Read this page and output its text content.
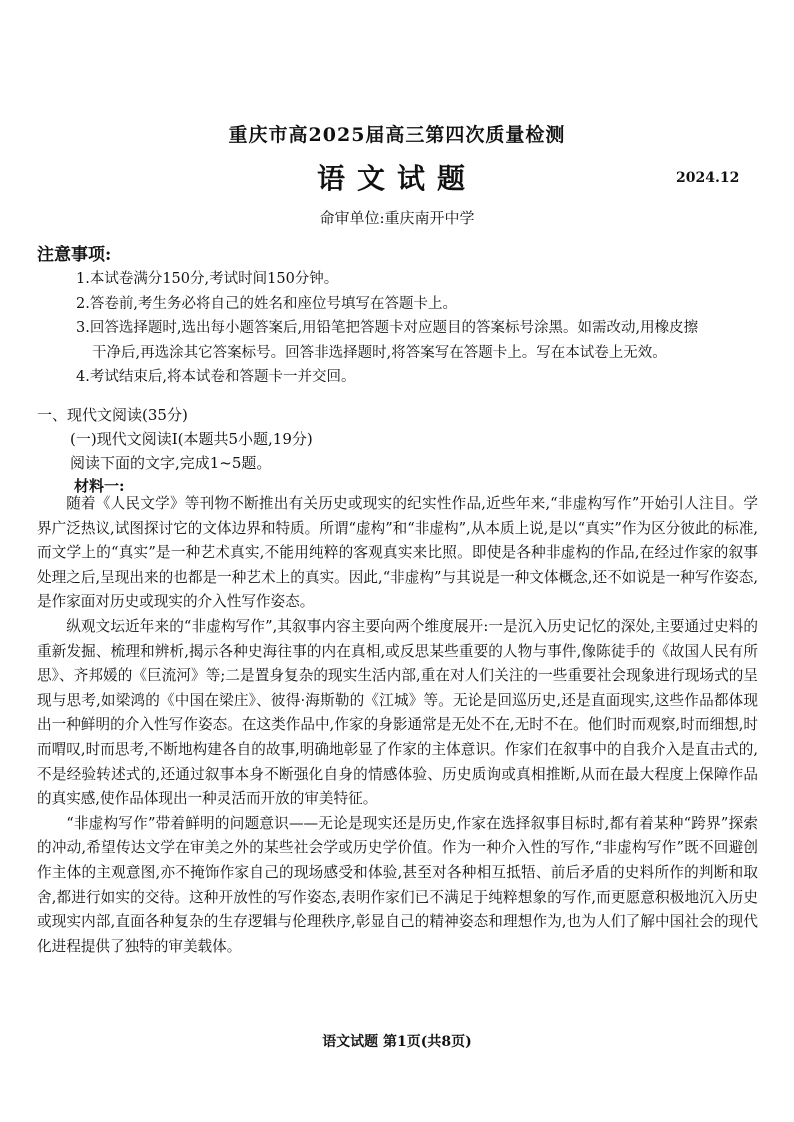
重庆市高2025届高三第四次质量检测
语文试题	2024.12
命审单位:重庆南开中学
注意事项:

1.本试卷满分150分,考试时间150分钟。

2.答卷前,考生务必将自己的姓名和座位号填写在答题卡上。

3.回答选择题时,选出每小题答案后,用铅笔把答题卡对应题目的答案标号涂黑。如需改动,用橡皮擦
干净后,再选涂其它答案标号。回答非选择题时,将答案写在答题卡上。写在本试卷上无效。

4.考试结束后,将本试卷和答题卡一并交回。

一、现代文阅读(35分)
(一)现代文阅读Ⅰ(本题共5小题,19分)
阅读下面的文字,完成1~5题。
材料一:

随着《人民文学》等刊物不断推出有关历史或现实的纪实性作品,近些年来,“非虚构写作”开始引人注目。学界广泛热议,试图探讨它的文体边界和特质。所谓“虚构”和“非虚构”,从本质上说,是以“真实”作为区分彼此的标准,而文学上的“真实”是一种艺术真实,不能用纯粹的客观真实来比照。即使是各种非虚构的作品,在经过作家的叙事处理之后,呈现出来的也都是一种艺术上的真实。因此,“非虚构”与其说是一种文体概念,还不如说是一种写作姿态,是作家面对历史或现实的介入性写作姿态。

纵观文坛近年来的“非虚构写作”,其叙事内容主要向两个维度展开:一是沉入历史记忆的深处,主要通过史料的重新发掘、梳理和辨析,揭示各种史海往事的内在真相,或反思某些重要的人物与事件,像陈徒手的《故国人民有所思》、齐邦媛的《巨流河》等;二是置身复杂的现实生活内部,重在对人们关注的一些重要社会现象进行现场式的呈现与思考,如梁鸿的《中国在梁庄》、彼得·海斯勒的《江城》等。无论是回巡历史,还是直面现实,这些作品都体现出一种鲜明的介入性写作姿态。在这类作品中,作家的身影通常是无处不在,无时不在。他们时而观察,时而细想,时而喟叹,时而思考,不断地构建各自的故事,明确地彰显了作家的主体意识。作家们在叙事中的自我介入是直击式的,不是经验转述式的,还通过叙事本身不断强化自身的情感体验、历史质询或真相推断,从而在最大程度上保障作品的真实感,使作品体现出一种灵活而开放的审美特征。

“非虚构写作”带着鲜明的问题意识——无论是现实还是历史,作家在选择叙事目标时,都有着某种“跨界”探索的冲动,希望传达文学在审美之外的某些社会学或历史学价值。作为一种介入性的写作,“非虚构写作”既不回避创作主体的主观意图,亦不掩饰作家自己的现场感受和体验,甚至对各种相互抵牾、前后矛盾的史料所作的判断和取舍,都进行如实的交待。这种开放性的写作姿态,表明作家们已不满足于纯粹想象的写作,而更愿意积极地沉入历史或现实内部,直面各种复杂的生存逻辑与伦理秩序,彰显自己的精神姿态和理想作为,也为人们了解中国社会的现代化进程提供了独特的审美载体。

语文试题 第1页(共8页)
